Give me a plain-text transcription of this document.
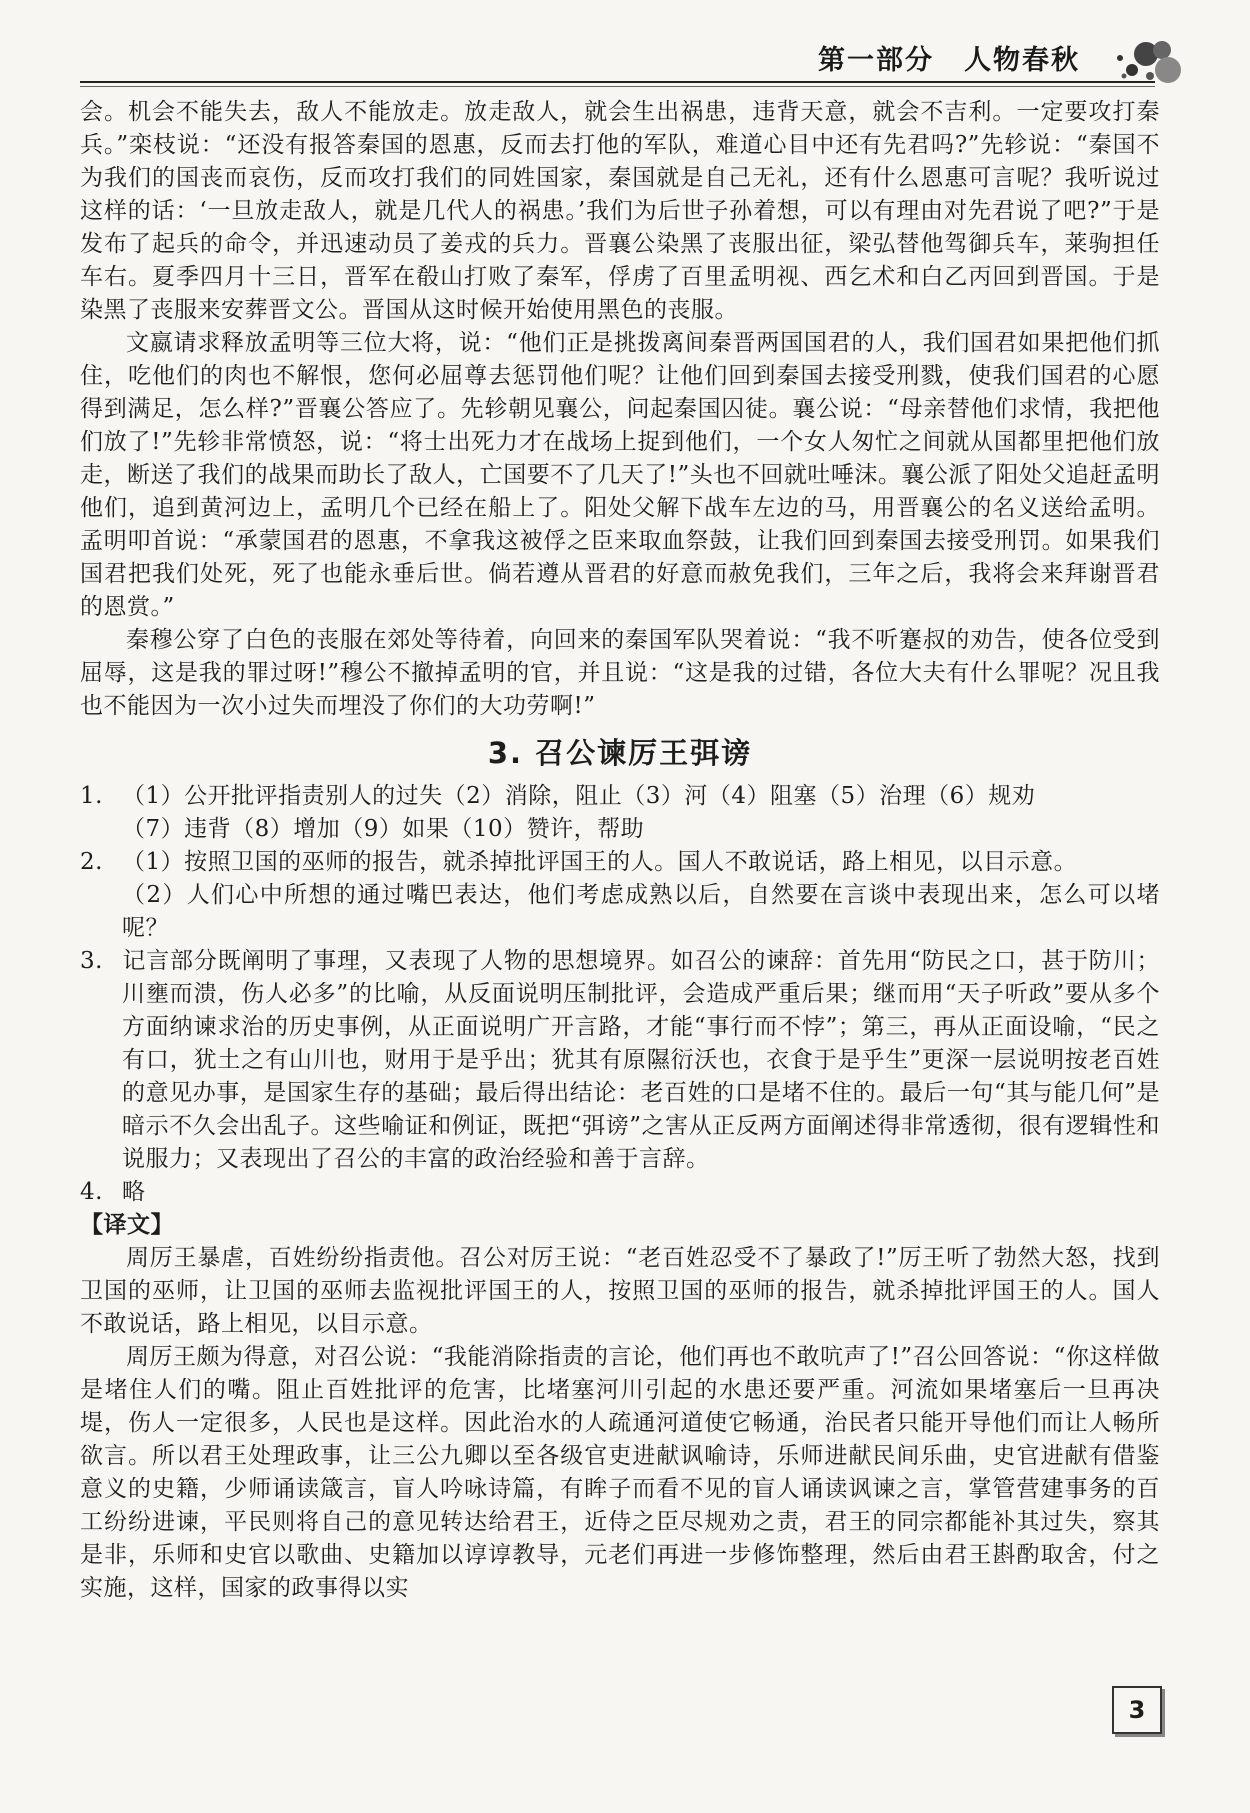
第一部分 人物春秋

会。机会不能失去，敌人不能放走。放走敌人，就会生出祸患，违背天意，就会不吉利。一定要攻打秦兵。”栾枝说：“还没有报答秦国的恩惠，反而去打他的军队，难道心目中还有先君吗?”先轸说：“秦国不为我们的国丧而哀伤，反而攻打我们的同姓国家，秦国就是自己无礼，还有什么恩惠可言呢？我听说过这样的话：‘一旦放走敌人，就是几代人的祸患。’我们为后世子孙着想，可以有理由对先君说了吧?”于是发布了起兵的命令，并迅速动员了姜戎的兵力。晋襄公染黑了丧服出征，梁弘替他驾御兵车，莱驹担任车右。夏季四月十三日，晋军在殽山打败了秦军，俘虏了百里孟明视、西乞术和白乙丙回到晋国。于是染黑了丧服来安葬晋文公。晋国从这时候开始使用黑色的丧服。

文嬴请求释放孟明等三位大将，说：“他们正是挑拨离间秦晋两国国君的人，我们国君如果把他们抓住，吃他们的肉也不解恨，您何必屈尊去惩罚他们呢？让他们回到秦国去接受刑戮，使我们国君的心愿得到满足，怎么样?”晋襄公答应了。先轸朝见襄公，问起秦国囚徒。襄公说：“母亲替他们求情，我把他们放了!”先轸非常愤怒，说：“将士出死力才在战场上捉到他们，一个女人匆忙之间就从国都里把他们放走，断送了我们的战果而助长了敌人，亡国要不了几天了!”头也不回就吐唾沫。襄公派了阳处父追赶孟明他们，追到黄河边上，孟明几个已经在船上了。阳处父解下战车左边的马，用晋襄公的名义送给孟明。孟明叩首说：“承蒙国君的恩惠，不拿我这被俘之臣来取血祭鼓，让我们回到秦国去接受刑罚。如果我们国君把我们处死，死了也能永垂后世。倘若遵从晋君的好意而赦免我们，三年之后，我将会来拜谢晋君的恩赏。”

秦穆公穿了白色的丧服在郊处等待着，向回来的秦国军队哭着说：“我不听蹇叔的劝告，使各位受到屈辱，这是我的罪过呀!”穆公不撤掉孟明的官，并且说：“这是我的过错，各位大夫有什么罪呢？况且我也不能因为一次小过失而埋没了你们的大功劳啊!”

3. 召公谏厉王弭谤

1. （1）公开批评指责别人的过失（2）消除，阻止（3）河（4）阻塞（5）治理（6）规劝

（7）违背（8）增加（9）如果（10）赞许，帮助

2. （1）按照卫国的巫师的报告，就杀掉批评国王的人。国人不敢说话，路上相见，以目示意。

（2）人们心中所想的通过嘴巴表达，他们考虑成熟以后，自然要在言谈中表现出来，怎么可以堵呢？

3. 记言部分既阐明了事理，又表现了人物的思想境界。如召公的谏辞：首先用“防民之口，甚于防川；川壅而溃，伤人必多”的比喻，从反面说明压制批评，会造成严重后果；继而用“天子听政”要从多个方面纳谏求治的历史事例，从正面说明广开言路，才能“事行而不悖”；第三，再从正面设喻，“民之有口，犹土之有山川也，财用于是乎出；犹其有原隰衍沃也，衣食于是乎生”更深一层说明按老百姓的意见办事，是国家生存的基础；最后得出结论：老百姓的口是堵不住的。最后一句“其与能几何”是暗示不久会出乱子。这些喻证和例证，既把“弭谤”之害从正反两方面阐述得非常透彻，很有逻辑性和说服力；又表现出了召公的丰富的政治经验和善于言辞。

4. 略

【译文】

周厉王暴虐，百姓纷纷指责他。召公对厉王说：“老百姓忍受不了暴政了!”厉王听了勃然大怒，找到卫国的巫师，让卫国的巫师去监视批评国王的人，按照卫国的巫师的报告，就杀掉批评国王的人。国人不敢说话，路上相见，以目示意。

周厉王颇为得意，对召公说：“我能消除指责的言论，他们再也不敢吭声了!”召公回答说：“你这样做是堵住人们的嘴。阻止百姓批评的危害，比堵塞河川引起的水患还要严重。河流如果堵塞后一旦再决堤，伤人一定很多，人民也是这样。因此治水的人疏通河道使它畅通，治民者只能开导他们而让人畅所欲言。所以君王处理政事，让三公九卿以至各级官吏进献讽喻诗，乐师进献民间乐曲，史官进献有借鉴意义的史籍，少师诵读箴言，盲人吟咏诗篇，有眸子而看不见的盲人诵读讽谏之言，掌管营建事务的百工纷纷进谏，平民则将自己的意见转达给君王，近侍之臣尽规劝之责，君王的同宗都能补其过失，察其是非，乐师和史官以歌曲、史籍加以谆谆教导，元老们再进一步修饰整理，然后由君王斟酌取舍，付之实施，这样，国家的政事得以实

3
